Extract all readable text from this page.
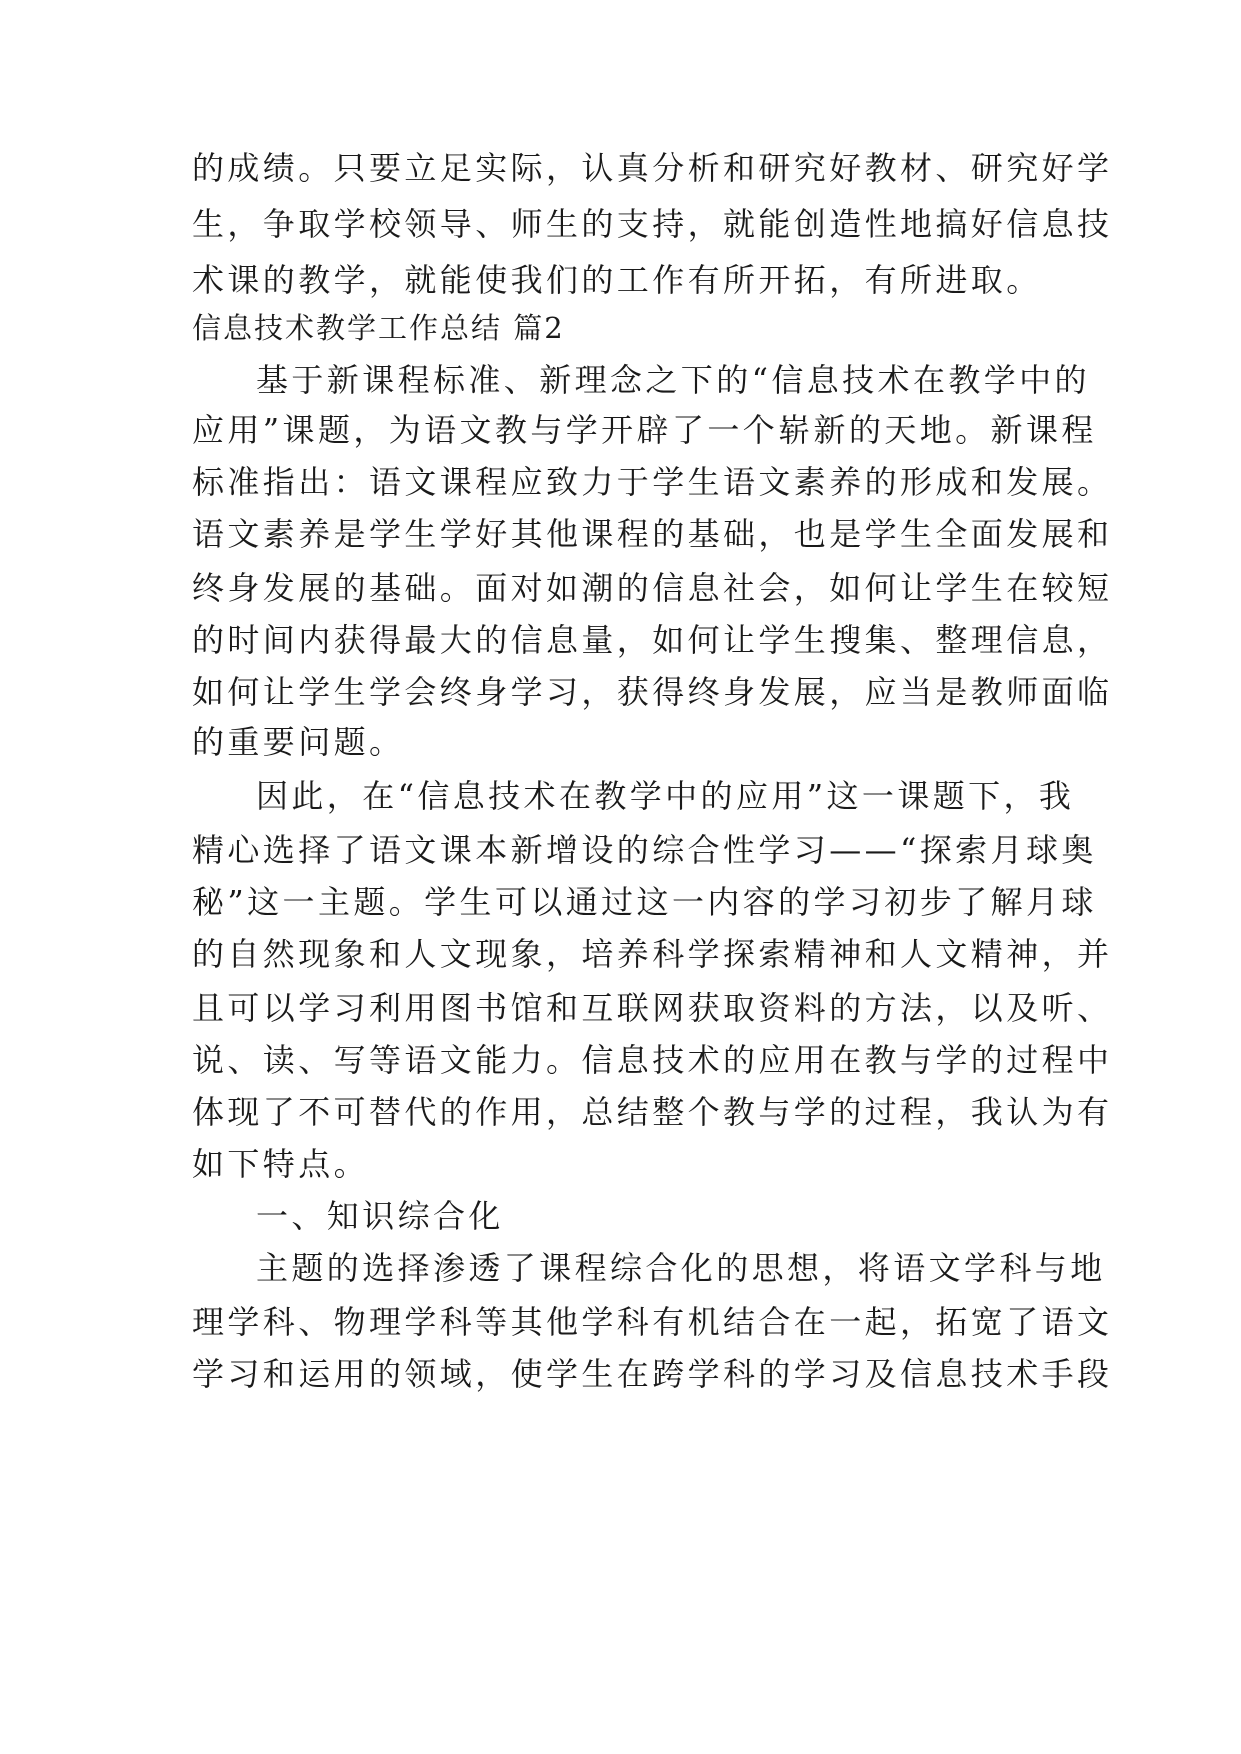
的成绩。只要立足实际，认真分析和研究好教材、研究好学
生，争取学校领导、师生的支持，就能创造性地搞好信息技
术课的教学，就能使我们的工作有所开拓，有所进取。
信息技术教学工作总结 篇2
基于新课程标准、新理念之下的“信息技术在教学中的
应用”课题，为语文教与学开辟了一个崭新的天地。新课程
标准指出：语文课程应致力于学生语文素养的形成和发展。
语文素养是学生学好其他课程的基础，也是学生全面发展和
终身发展的基础。面对如潮的信息社会，如何让学生在较短
的时间内获得最大的信息量，如何让学生搜集、整理信息，
如何让学生学会终身学习，获得终身发展，应当是教师面临
的重要问题。
因此，在“信息技术在教学中的应用”这一课题下，我
精心选择了语文课本新增设的综合性学习——“探索月球奥
秘”这一主题。学生可以通过这一内容的学习初步了解月球
的自然现象和人文现象，培养科学探索精神和人文精神，并
且可以学习利用图书馆和互联网获取资料的方法，以及听、
说、读、写等语文能力。信息技术的应用在教与学的过程中
体现了不可替代的作用，总结整个教与学的过程，我认为有
如下特点。
一、知识综合化
主题的选择渗透了课程综合化的思想，将语文学科与地
理学科、物理学科等其他学科有机结合在一起，拓宽了语文
学习和运用的领域，使学生在跨学科的学习及信息技术手段
